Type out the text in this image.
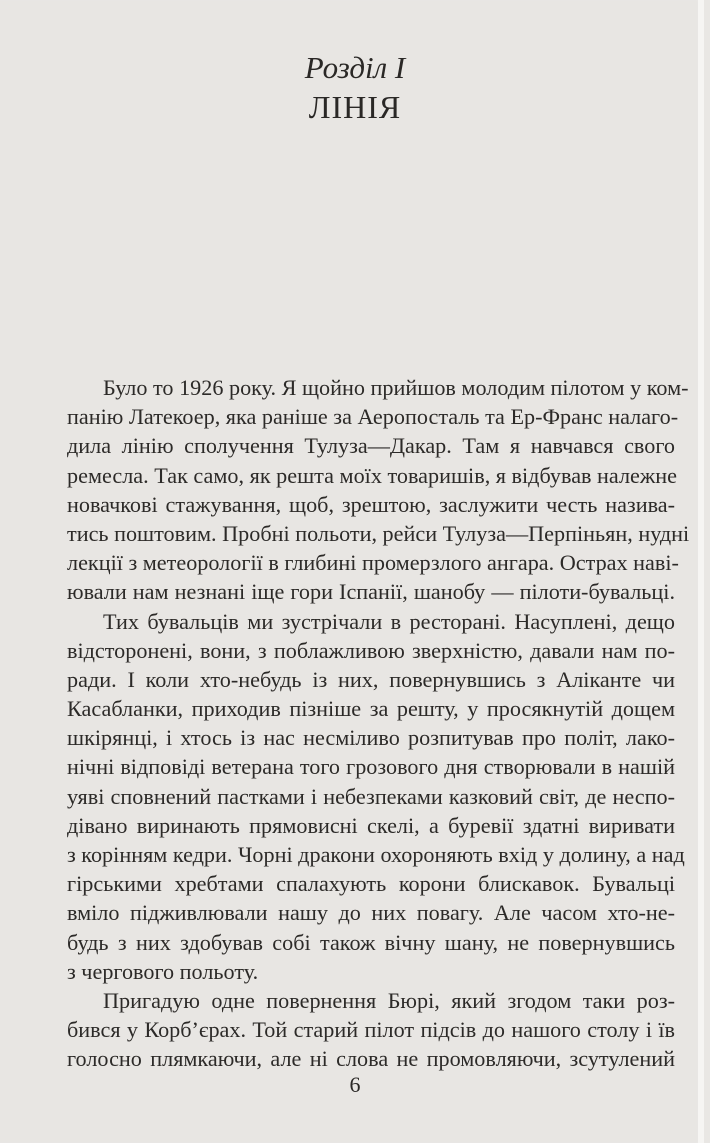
Розділ I
ЛІНІЯ
Було то 1926 року. Я щойно прийшов молодим пілотом у ком-
панію Латекоер, яка раніше за Аеропосталь та Ер-Франс налаго-
дила лінію сполучення Тулуза—Дакар. Там я навчався свого
ремесла. Так само, як решта моїх товаришів, я відбував належне
новачкові стажування, щоб, зрештою, заслужити честь назива-
тись поштовим. Пробні польоти, рейси Тулуза—Перпіньян, нудні
лекції з метеорології в глибині промерзлого ангара. Острах наві-
ювали нам незнані іще гори Іспанії, шанобу — пілоти-бувальці.
Тих бувальців ми зустрічали в ресторані. Насуплені, дещо
відсторонені, вони, з поблажливою зверхністю, давали нам по-
ради. І коли хто-небудь із них, повернувшись з Аліканте чи
Касабланки, приходив пізніше за решту, у просякнутій дощем
шкірянці, і хтось із нас несміливо розпитував про політ, лако-
нічні відповіді ветерана того грозового дня створювали в нашій
уяві сповнений пастками і небезпеками казковий світ, де неспо-
дівано виринають прямовисні скелі, а буревії здатні виривати
з корінням кедри. Чорні дракони охороняють вхід у долину, а над
гірськими хребтами спалахують корони блискавок. Бувальці
вміло підживлювали нашу до них повагу. Але часом хто-не-
будь з них здобував собі також вічну шану, не повернувшись
з чергового польоту.
Пригадую одне повернення Бюрі, який згодом таки роз-
бився у Корб’єрах. Той старий пілот підсів до нашого столу і їв
голосно плямкаючи, але ні слова не промовляючи, зсутулений
6
